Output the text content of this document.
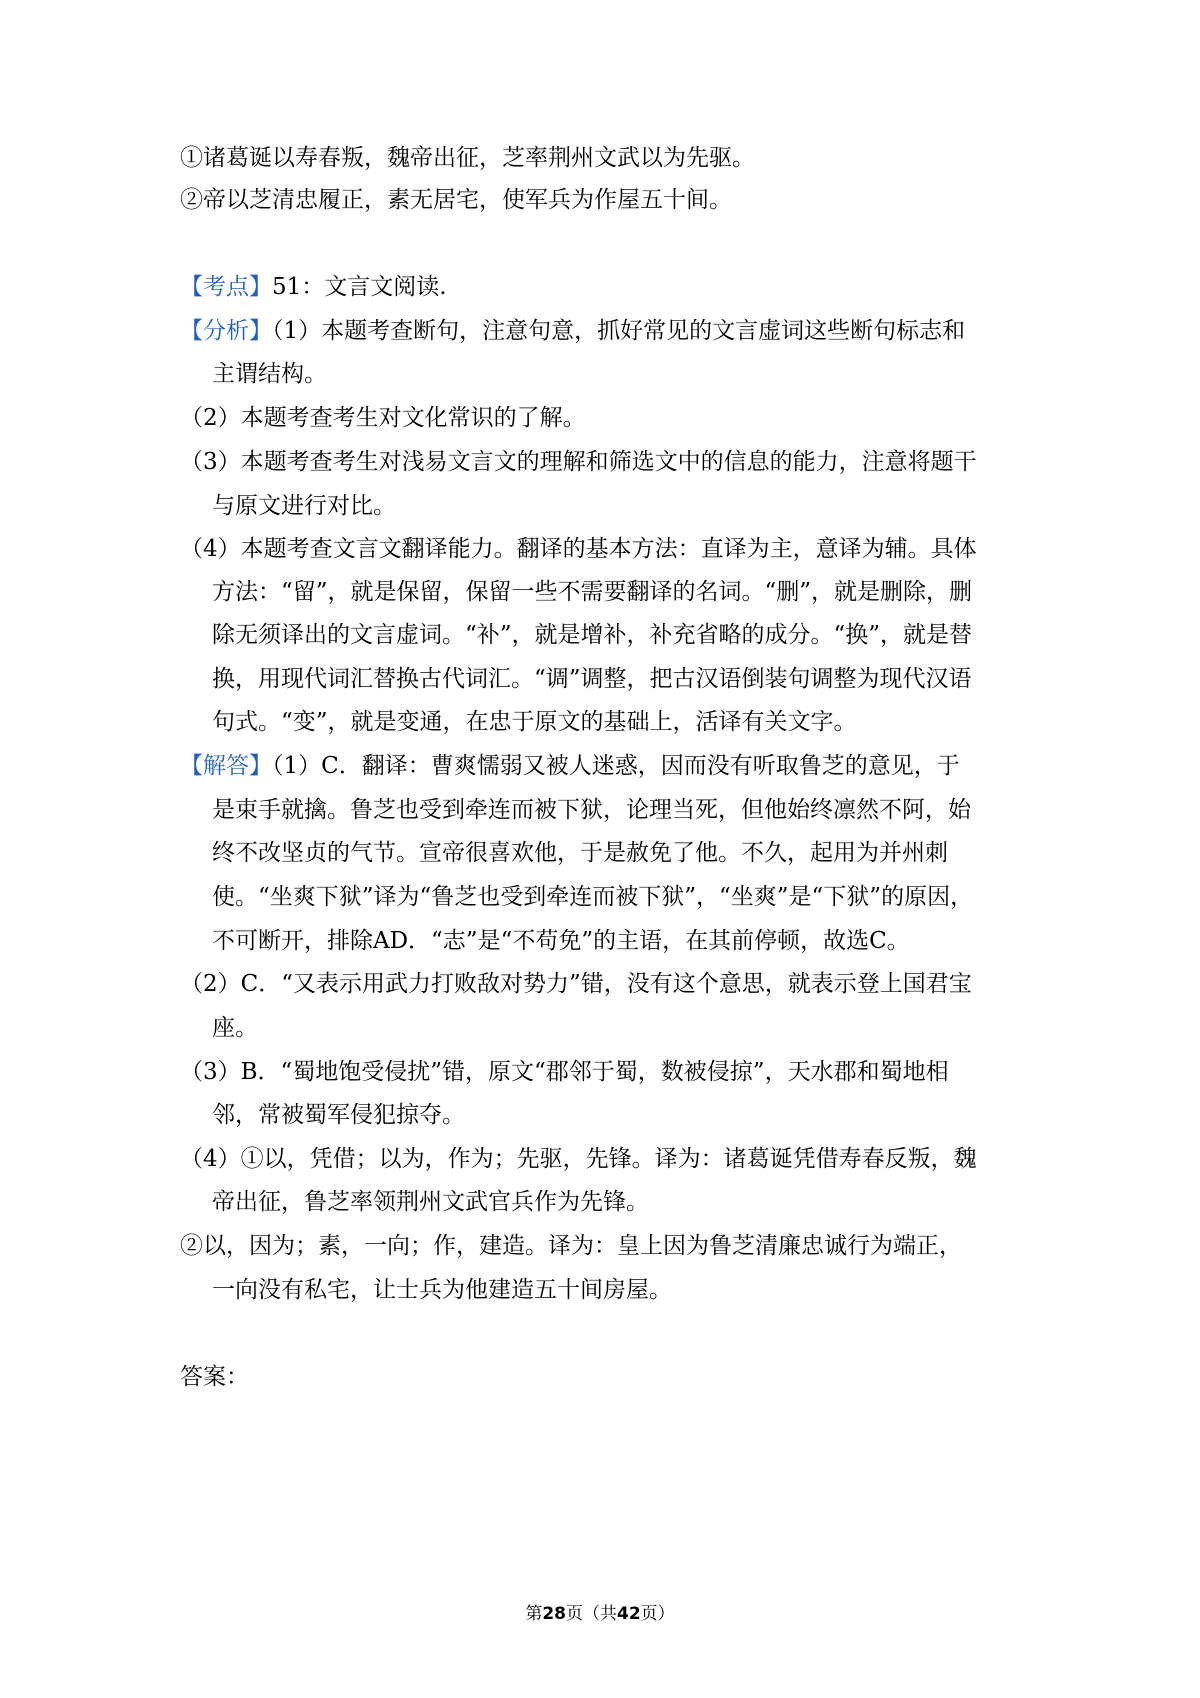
①诸葛诞以寿春叛，魏帝出征，芝率荆州文武以为先驱。

②帝以芝清忠履正，素无居宅，使军兵为作屋五十间。

【考点】51：文言文阅读.

【分析】（1）本题考查断句，注意句意，抓好常见的文言虚词这些断句标志和

主谓结构。

（2）本题考查考生对文化常识的了解。

（3）本题考查考生对浅易文言文的理解和筛选文中的信息的能力，注意将题干

与原文进行对比。

（4）本题考查文言文翻译能力。翻译的基本方法：直译为主，意译为辅。具体

方法：“留”，就是保留，保留一些不需要翻译的名词。“删”，就是删除，删

除无须译出的文言虚词。“补”，就是增补，补充省略的成分。“换”，就是替

换，用现代词汇替换古代词汇。“调”调整，把古汉语倒装句调整为现代汉语

句式。“变”，就是变通，在忠于原文的基础上，活译有关文字。

【解答】（1）C．翻译：曹爽懦弱又被人迷惑，因而没有听取鲁芝的意见，于

是束手就擒。鲁芝也受到牵连而被下狱，论理当死，但他始终凛然不阿，始

终不改坚贞的气节。宣帝很喜欢他，于是赦免了他。不久，起用为并州刺

使。“坐爽下狱”译为“鲁芝也受到牵连而被下狱”，“坐爽”是“下狱”的原因，

不可断开，排除AD．“志”是“不苟免”的主语，在其前停顿，故选C。

（2）C．“又表示用武力打败敌对势力”错，没有这个意思，就表示登上国君宝

座。

（3）B．“蜀地饱受侵扰”错，原文“郡邻于蜀，数被侵掠”，天水郡和蜀地相

邻，常被蜀军侵犯掠夺。

（4）①以，凭借；以为，作为；先驱，先锋。译为：诸葛诞凭借寿春反叛，魏

帝出征，鲁芝率领荆州文武官兵作为先锋。

②以，因为；素，一向；作，建造。译为：皇上因为鲁芝清廉忠诚行为端正，

一向没有私宅，让士兵为他建造五十间房屋。

答案：

第28页（共42页）
